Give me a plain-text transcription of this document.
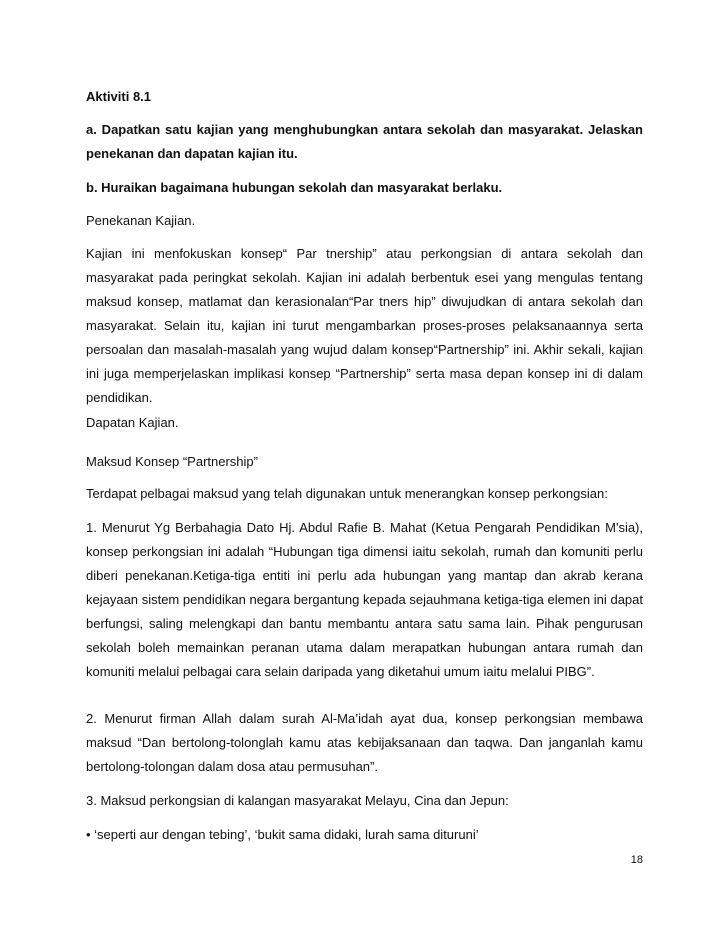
Aktiviti 8.1

a. Dapatkan satu kajian yang menghubungkan antara sekolah dan masyarakat. Jelaskan penekanan dan dapatan kajian itu.

b. Huraikan bagaimana hubungan sekolah dan masyarakat berlaku.

Penekanan Kajian.

Kajian ini menfokuskan konsep“ Par tnership” atau perkongsian di antara sekolah dan masyarakat pada peringkat sekolah. Kajian ini adalah berbentuk esei yang mengulas tentang maksud konsep, matlamat dan kerasionalan“Par tners hip” diwujudkan di antara sekolah dan masyarakat. Selain itu, kajian ini turut mengambarkan proses-proses pelaksanaannya serta persoalan dan masalah-masalah yang wujud dalam konsep“Partnership” ini. Akhir sekali, kajian ini juga memperjelaskan implikasi konsep “Partnership” serta masa depan konsep ini di dalam pendidikan.

Dapatan Kajian.

Maksud Konsep “Partnership”

Terdapat pelbagai maksud yang telah digunakan untuk menerangkan konsep perkongsian:

1. Menurut Yg Berbahagia Dato Hj. Abdul Rafie B. Mahat (Ketua Pengarah Pendidikan M'sia), konsep perkongsian ini adalah “Hubungan tiga dimensi iaitu sekolah, rumah dan komuniti perlu diberi penekanan.Ketiga-tiga entiti ini perlu ada hubungan yang mantap dan akrab kerana kejayaan sistem pendidikan negara bergantung kepada sejauhmana ketiga-tiga elemen ini dapat berfungsi, saling melengkapi dan bantu membantu antara satu sama lain. Pihak pengurusan sekolah boleh memainkan peranan utama dalam merapatkan hubungan antara rumah dan komuniti melalui pelbagai cara selain daripada yang diketahui umum iaitu melalui PIBG”.

2. Menurut firman Allah dalam surah Al-Ma’idah ayat dua, konsep perkongsian membawa maksud “Dan bertolong-tolonglah kamu atas kebijaksanaan dan taqwa. Dan janganlah kamu bertolong-tolongan dalam dosa atau permusuhan”.

3. Maksud perkongsian di kalangan masyarakat Melayu, Cina dan Jepun:

• ‘seperti aur dengan tebing’, ‘bukit sama didaki, lurah sama dituruni’

18
